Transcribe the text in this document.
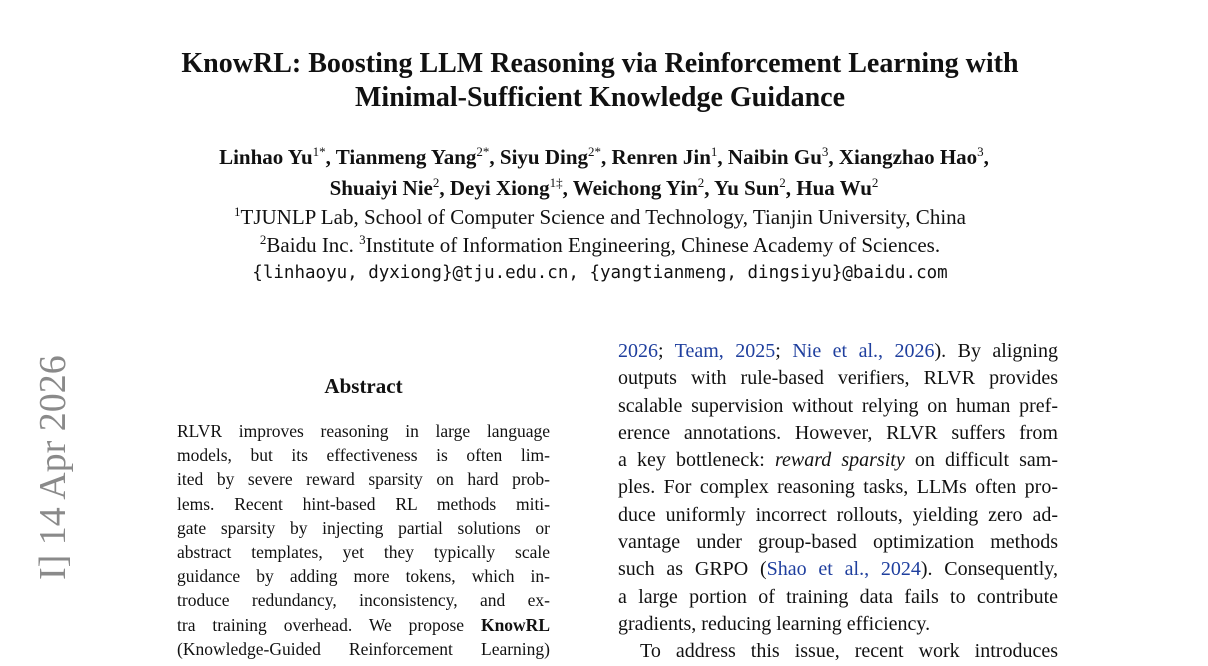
KnowRL: Boosting LLM Reasoning via Reinforcement Learning with
Minimal-Sufficient Knowledge Guidance
Linhao $Yu^{1*}$, Tianmeng Yang$^{2*}$, Siyu Ding$^{2*}$, Renren Jin$^1$, Naibin Gu$^3$, Xiangzhao Hao$^3$,
Shuaiyi Nie$^2$, Deyi Xiong$^{1\ddagger}$, Weichong Yin$^2$, Yu Sun$^2$, Hua Wu$^2$
$^1$TJUNLP Lab, School of Computer Science and Technology, Tianjin University, China
$^2$Baidu Inc. $^3$Institute of Information Engineering, Chinese Academy of Sciences.
{linhaoyu, dyxiong}@tju.edu.cn, {yangtianmeng, dingsiyu}@baidu.com
I] 14 Apr 2026	Abstract
RLVR improves reasoning in large language
models, but its effectiveness is often lim-
ited by severe reward sparsity on hard prob-
lems. Recent hint-based RL methods miti-
gate sparsity by injecting partial solutions or
abstract templates, yet they typically scale
guidance by adding more tokens, which in-
troduce redundancy, inconsistency, and ex-
tra training overhead. We propose KnowRL
(Knowledge-Guided Reinforcement Learning)
2026; Team, 2025; Nie et al., 2026). By aligning
outputs with rule-based verifiers, RLVR provides
scalable supervision without relying on human pref-
erence annotations. However, RLVR suffers from
a key bottleneck: reward sparsity on difficult sam-
ples. For complex reasoning tasks, LLMs often pro-
duce uniformly incorrect rollouts, yielding zero ad-
vantage under group-based optimization methods
such as GRPO (Shao et al., 2024). Consequently,
a large portion of training data fails to contribute
gradients, reducing learning efficiency.
To address this issue, recent work introduces
